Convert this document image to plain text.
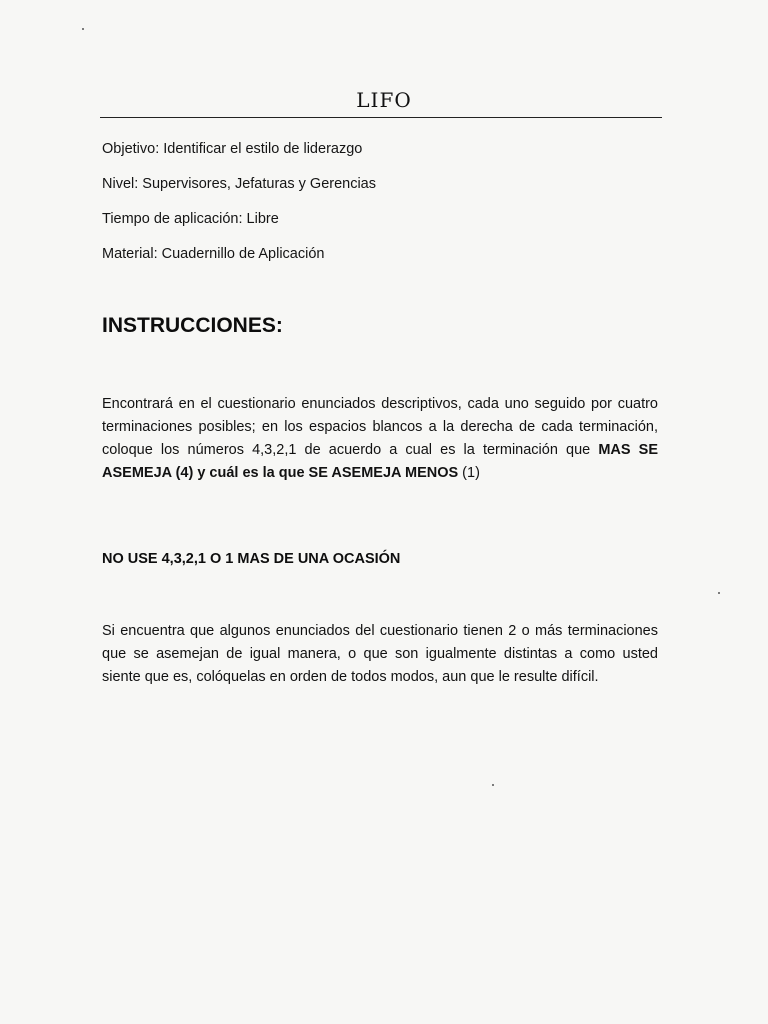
LIFO
Objetivo: Identificar el estilo de liderazgo
Nivel: Supervisores, Jefaturas y Gerencias
Tiempo de aplicación: Libre
Material: Cuadernillo de Aplicación
INSTRUCCIONES:
Encontrará en el cuestionario enunciados descriptivos, cada uno seguido por cuatro terminaciones posibles; en los espacios blancos a la derecha de cada terminación, coloque los números 4,3,2,1 de acuerdo a cual es la terminación que MAS SE ASEMEJA (4) y cuál es la que SE ASEMEJA MENOS (1)
NO USE 4,3,2,1 O 1 MAS DE UNA OCASIÓN
Si encuentra que algunos enunciados del cuestionario tienen 2 o más terminaciones que se asemejan de igual manera, o que son igualmente distintas a como usted siente que es, colóquelas en orden de todos modos, aun que le resulte difícil.
